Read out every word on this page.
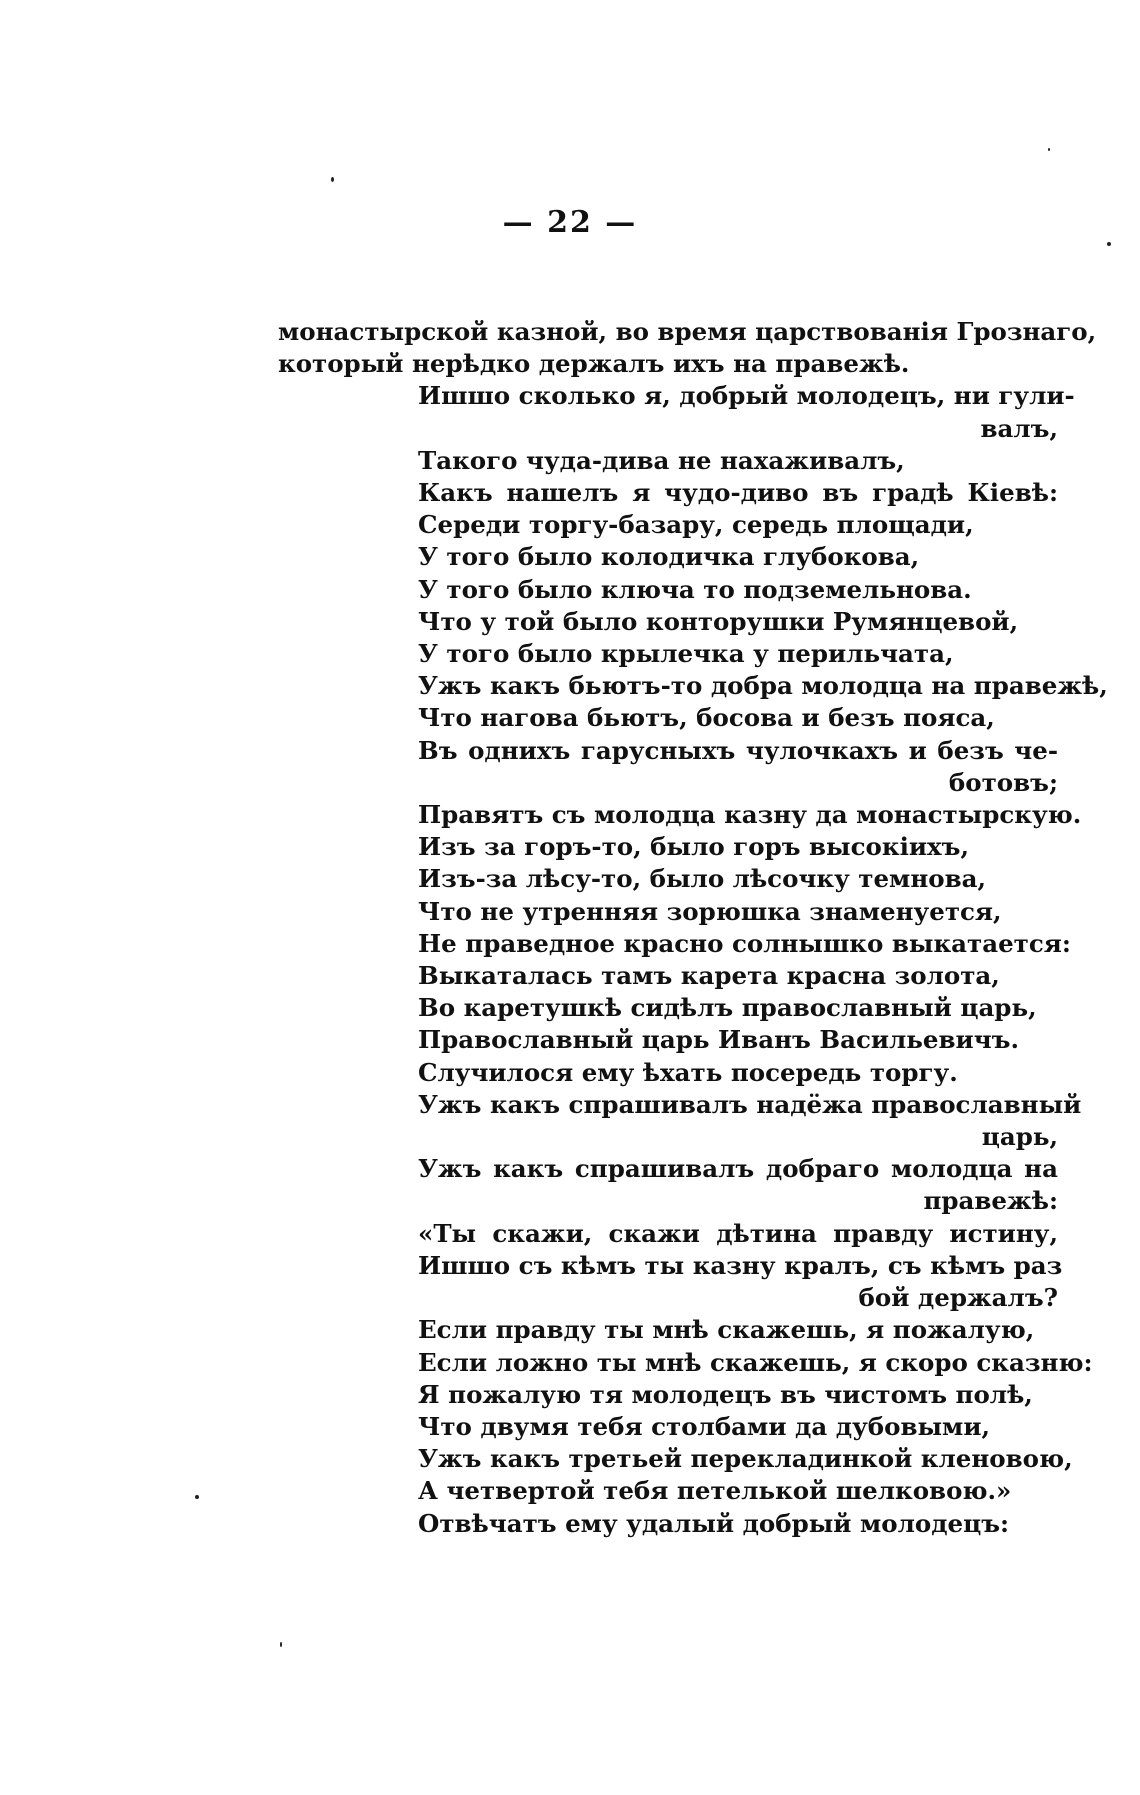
— 22 —
монастырской казной, во время царствованія Грознаго,
который нерѣдко держалъ ихъ на правежѣ.
Ишшо сколько я, добрый молодецъ, ни гули-
валъ,
Такого чуда-дива не нахаживалъ,
Какъ нашелъ я чудо-диво въ градѣ Кіевѣ:
Середи торгу-базару, середь площади,
У того было колодичка глубокова,
У того было ключа то подземельнова.
Что у той было конторушки Румянцевой,
У того было крылечка у перильчата,
Ужъ какъ бьютъ-то добра молодца на правежѣ,
Что нагова бьютъ, босова и безъ пояса,
Въ однихъ гарусныхъ чулочкахъ и безъ че-
ботовъ;
Правятъ съ молодца казну да монастырскую.
Изъ за горъ-то, было горъ высокіихъ,
Изъ-за лѣсу-то, было лѣсочку темнова,
Что не утренняя зорюшка знаменуется,
Не праведное красно солнышко выкатается:
Выкаталась тамъ карета красна золота,
Во каретушкѣ сидѣлъ православный царь,
Православный царь Иванъ Васильевичъ.
Случилося ему ѣхать посередь торгу.
Ужъ какъ спрашивалъ надёжа православный
царь,
Ужъ какъ спрашивалъ добраго молодца на
правежѣ:
«Ты скажи, скажи дѣтина правду истину,
Ишшо съ кѣмъ ты казну кралъ, съ кѣмъ раз
бой держалъ?
Если правду ты мнѣ скажешь, я пожалую,
Если ложно ты мнѣ скажешь, я скоро сказню:
Я пожалую тя молодецъ въ чистомъ полѣ,
Что двумя тебя столбами да дубовыми,
Ужъ какъ третьей перекладинкой кленовою,
А четвертой тебя петелькой шелковою.»
Отвѣчатъ ему удалый добрый молодецъ:
